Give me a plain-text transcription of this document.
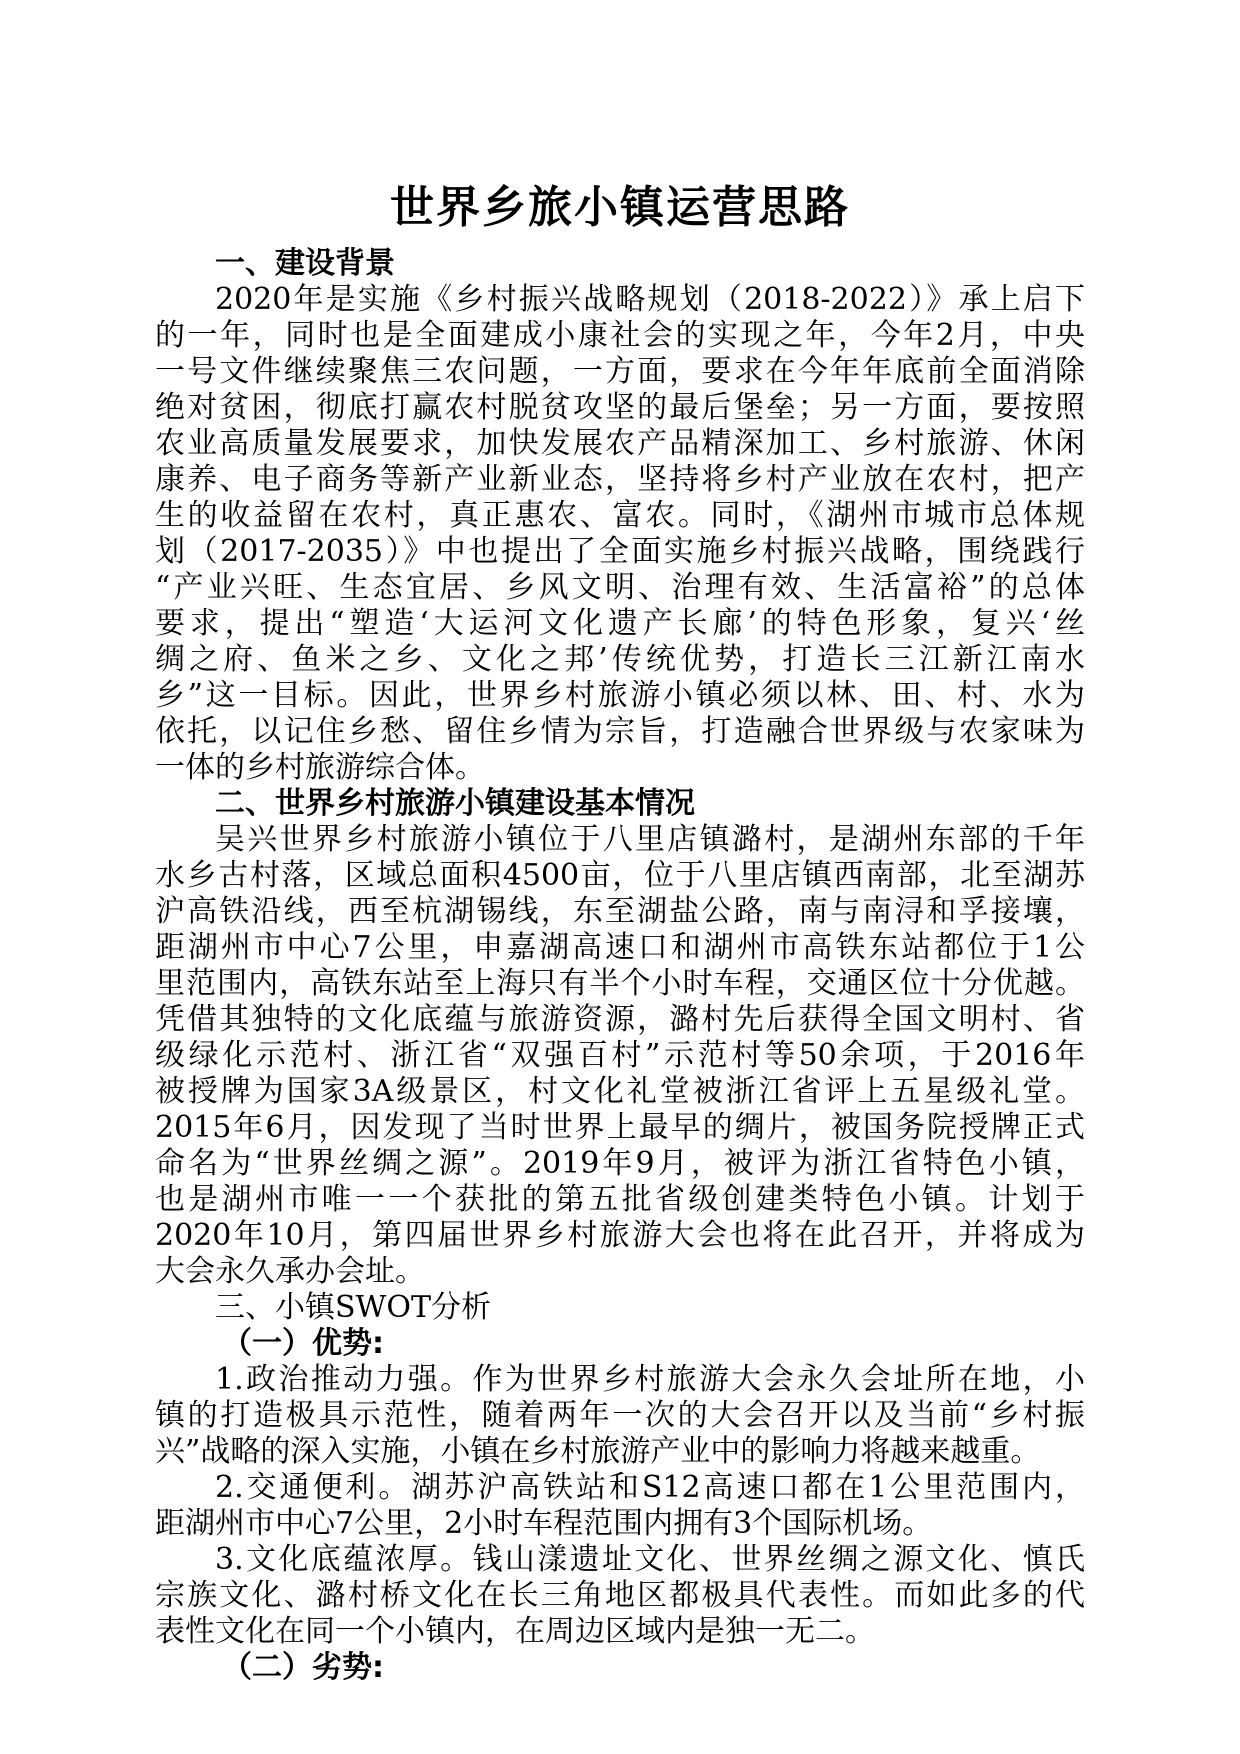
世界乡旅小镇运营思路
一、建设背景
2020年是实施《乡村振兴战略规划（2018-2022）》承上启下
的一年，同时也是全面建成小康社会的实现之年，今年2月，中央
一号文件继续聚焦三农问题，一方面，要求在今年年底前全面消除
绝对贫困，彻底打赢农村脱贫攻坚的最后堡垒；另一方面，要按照
农业高质量发展要求，加快发展农产品精深加工、乡村旅游、休闲
康养、电子商务等新产业新业态，坚持将乡村产业放在农村，把产
生的收益留在农村，真正惠农、富农。同时，《湖州市城市总体规
划（2017-2035）》中也提出了全面实施乡村振兴战略，围绕践行
“产业兴旺、生态宜居、乡风文明、治理有效、生活富裕”的总体
要求，提出“塑造‘大运河文化遗产长廊’的特色形象，复兴‘丝
绸之府、鱼米之乡、文化之邦’传统优势，打造长三江新江南水
乡”这一目标。因此，世界乡村旅游小镇必须以林、田、村、水为
依托，以记住乡愁、留住乡情为宗旨，打造融合世界级与农家味为
一体的乡村旅游综合体。
二、世界乡村旅游小镇建设基本情况
吴兴世界乡村旅游小镇位于八里店镇潞村，是湖州东部的千年
水乡古村落，区域总面积4500亩，位于八里店镇西南部，北至湖苏
沪高铁沿线，西至杭湖锡线，东至湖盐公路，南与南浔和孚接壤，
距湖州市中心7公里，申嘉湖高速口和湖州市高铁东站都位于1公
里范围内，高铁东站至上海只有半个小时车程，交通区位十分优越。
凭借其独特的文化底蕴与旅游资源，潞村先后获得全国文明村、省
级绿化示范村、浙江省“双强百村”示范村等50余项，于2016年
被授牌为国家3A级景区，村文化礼堂被浙江省评上五星级礼堂。
2015年6月，因发现了当时世界上最早的绸片，被国务院授牌正式
命名为“世界丝绸之源”。2019年9月，被评为浙江省特色小镇，
也是湖州市唯一一个获批的第五批省级创建类特色小镇。计划于
2020年10月，第四届世界乡村旅游大会也将在此召开，并将成为
大会永久承办会址。
三、小镇SWOT分析
（一）优势:
1.政治推动力强。作为世界乡村旅游大会永久会址所在地，小
镇的打造极具示范性，随着两年一次的大会召开以及当前“乡村振
兴”战略的深入实施，小镇在乡村旅游产业中的影响力将越来越重。
2.交通便利。湖苏沪高铁站和S12高速口都在1公里范围内，
距湖州市中心7公里，2小时车程范围内拥有3个国际机场。
3.文化底蕴浓厚。钱山漾遗址文化、世界丝绸之源文化、慎氏
宗族文化、潞村桥文化在长三角地区都极具代表性。而如此多的代
表性文化在同一个小镇内，在周边区域内是独一无二。
（二）劣势:
